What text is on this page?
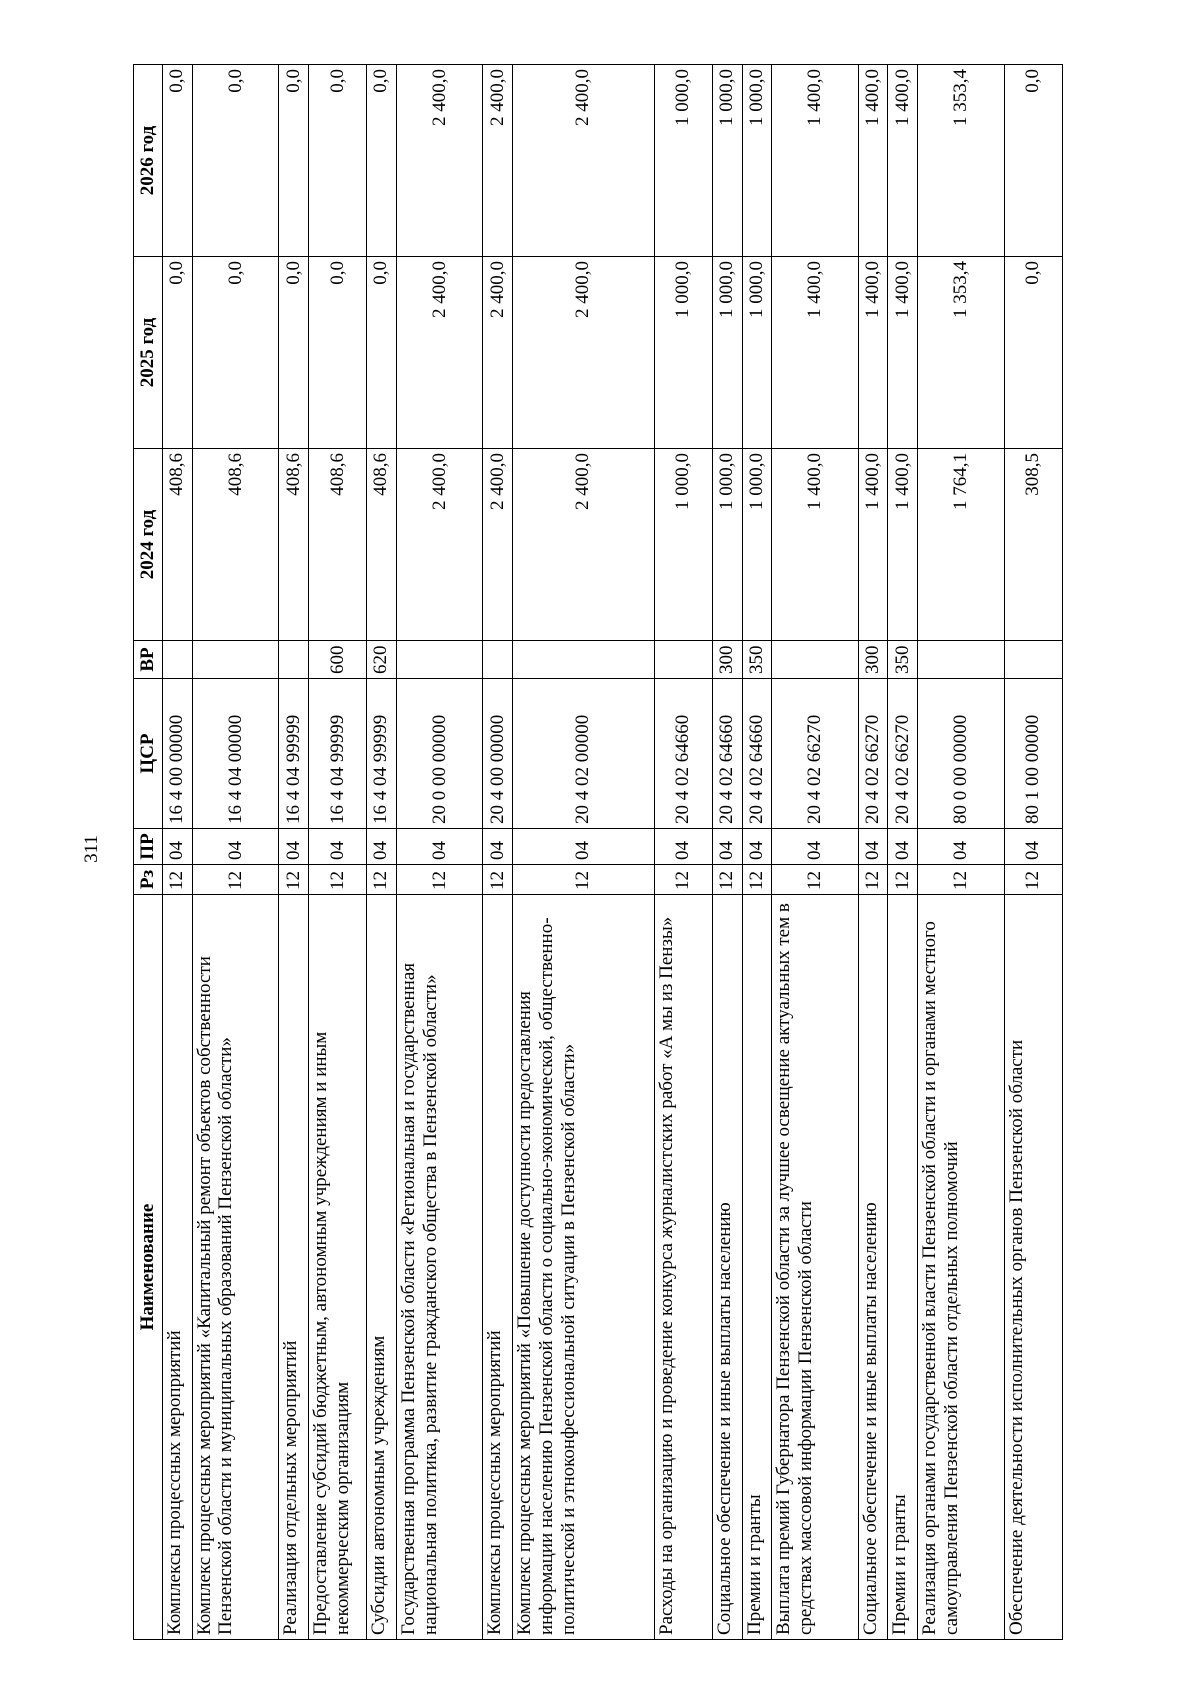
311
Наименование	Рз	ПР	ЦСР	ВР	2024 год	2025 год	2026 год
Комплексы процессных мероприятий	12	04	16 4 00 00000		408,6	0,0	0,0
Комплекс процессных мероприятий «Капитальный ремонт объектов собственности Пензенской области и муниципальных образований Пензенской области»	12	04	16 4 04 00000		408,6	0,0	0,0
Реализация отдельных мероприятий	12	04	16 4 04 99999		408,6	0,0	0,0
Предоставление субсидий бюджетным, автономным учреждениям и иным некоммерческим организациям	12	04	16 4 04 99999	600	408,6	0,0	0,0
Субсидии автономным учреждениям	12	04	16 4 04 99999	620	408,6	0,0	0,0
Государственная программа Пензенской области «Региональная и государственная национальная политика, развитие гражданского общества в Пензенской области»	12	04	20 0 00 00000		2 400,0	2 400,0	2 400,0
Комплексы процессных мероприятий	12	04	20 4 00 00000		2 400,0	2 400,0	2 400,0
Комплекс процессных мероприятий «Повышение доступности предоставления информации населению Пензенской области о социально-экономической, общественно-политической и этноконфессиональной ситуации в Пензенской области»	12	04	20 4 02 00000		2 400,0	2 400,0	2 400,0
Расходы на организацию и проведение конкурса журналистских работ «А мы из Пензы»	12	04	20 4 02 64660		1 000,0	1 000,0	1 000,0
Социальное обеспечение и иные выплаты населению	12	04	20 4 02 64660	300	1 000,0	1 000,0	1 000,0
Премии и гранты	12	04	20 4 02 64660	350	1 000,0	1 000,0	1 000,0
Выплата премий Губернатора Пензенской области за лучшее освещение актуальных тем в средствах массовой информации Пензенской области	12	04	20 4 02 66270		1 400,0	1 400,0	1 400,0
Социальное обеспечение и иные выплаты населению	12	04	20 4 02 66270	300	1 400,0	1 400,0	1 400,0
Премии и гранты	12	04	20 4 02 66270	350	1 400,0	1 400,0	1 400,0
Реализация органами государственной власти Пензенской области и органами местного самоуправления Пензенской области отдельных полномочий	12	04	80 0 00 00000		1 764,1	1 353,4	1 353,4
Обеспечение деятельности исполнительных органов Пензенской области	12	04	80 1 00 00000		308,5	0,0	0,0
